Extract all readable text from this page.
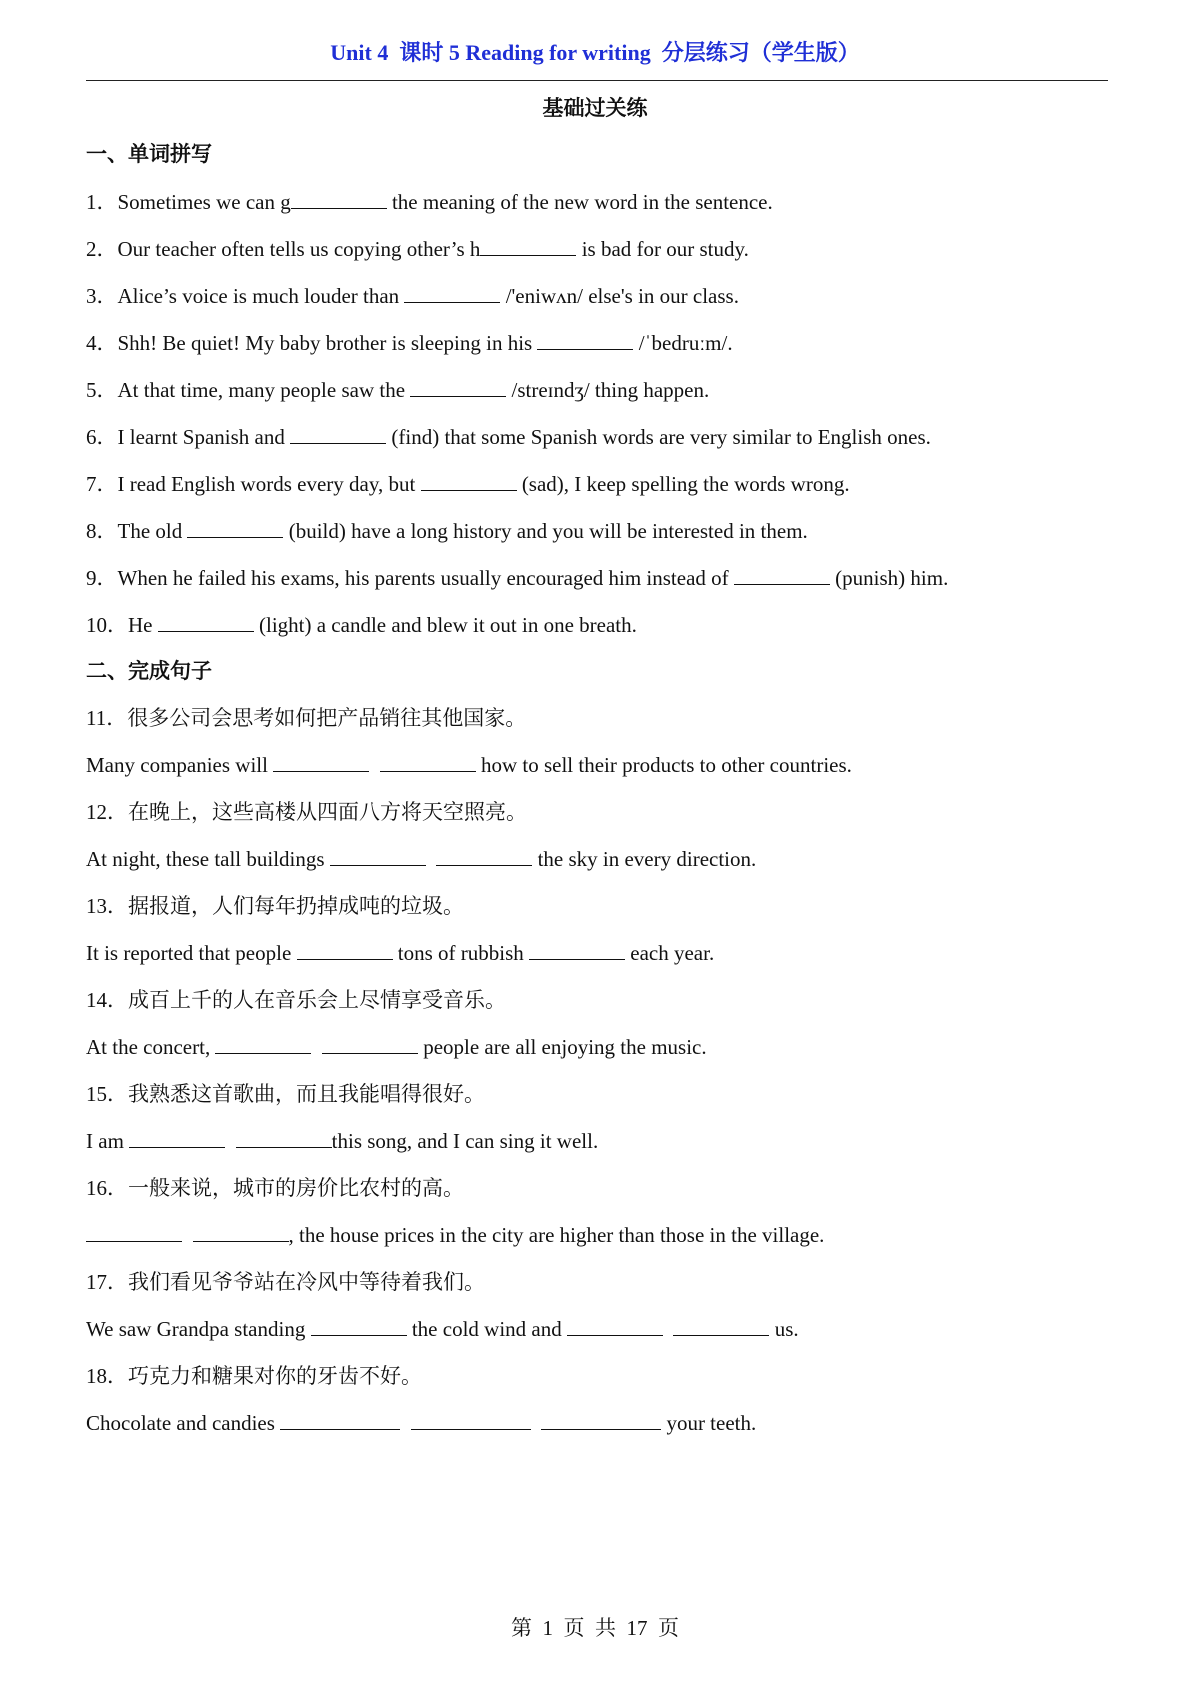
Unit 4  课时 5 Reading for writing  分层练习（学生版）
基础过关练
一、单词拼写
1．Sometimes we can g	the meaning of the new word in the sentence.
2．Our teacher often tells us copying other’s h	is bad for our study.
3．Alice’s voice is much louder than	/'eniwʌn/ else's in our class.
4．Shh! Be quiet! My baby brother is sleeping in his	/ˈbedruːm/.
5．At that time, many people saw the	/streɪndʒ/ thing happen.
6．I learnt Spanish and	(find) that some Spanish words are very similar to English ones.
7．I read English words every day, but	(sad), I keep spelling the words wrong.
8．The old	(build) have a long history and you will be interested in them.
9．When he failed his exams, his parents usually encouraged him instead of	(punish) him.
10．He	(light) a candle and blew it out in one breath.
二、完成句子
11．很多公司会思考如何把产品销往其他国家。
Many companies will	how to sell their products to other countries.
12．在晚上，这些高楼从四面八方将天空照亮。
At night, these tall buildings	the sky in every direction.
13．据报道，人们每年扔掉成吨的垃圾。
It is reported that people	tons of rubbish	each year.
14．成百上千的人在音乐会上尽情享受音乐。
At the concert,	people are all enjoying the music.
15．我熟悉这首歌曲，而且我能唱得很好。
I am	this song, and I can sing it well.
16．一般来说，城市的房价比农村的高。
, the house prices in the city are higher than those in the village.
17．我们看见爷爷站在冷风中等待着我们。
We saw Grandpa standing	the cold wind and	us.
18．巧克力和糖果对你的牙齿不好。
Chocolate and candies	your teeth.
第  1  页  共  17  页
